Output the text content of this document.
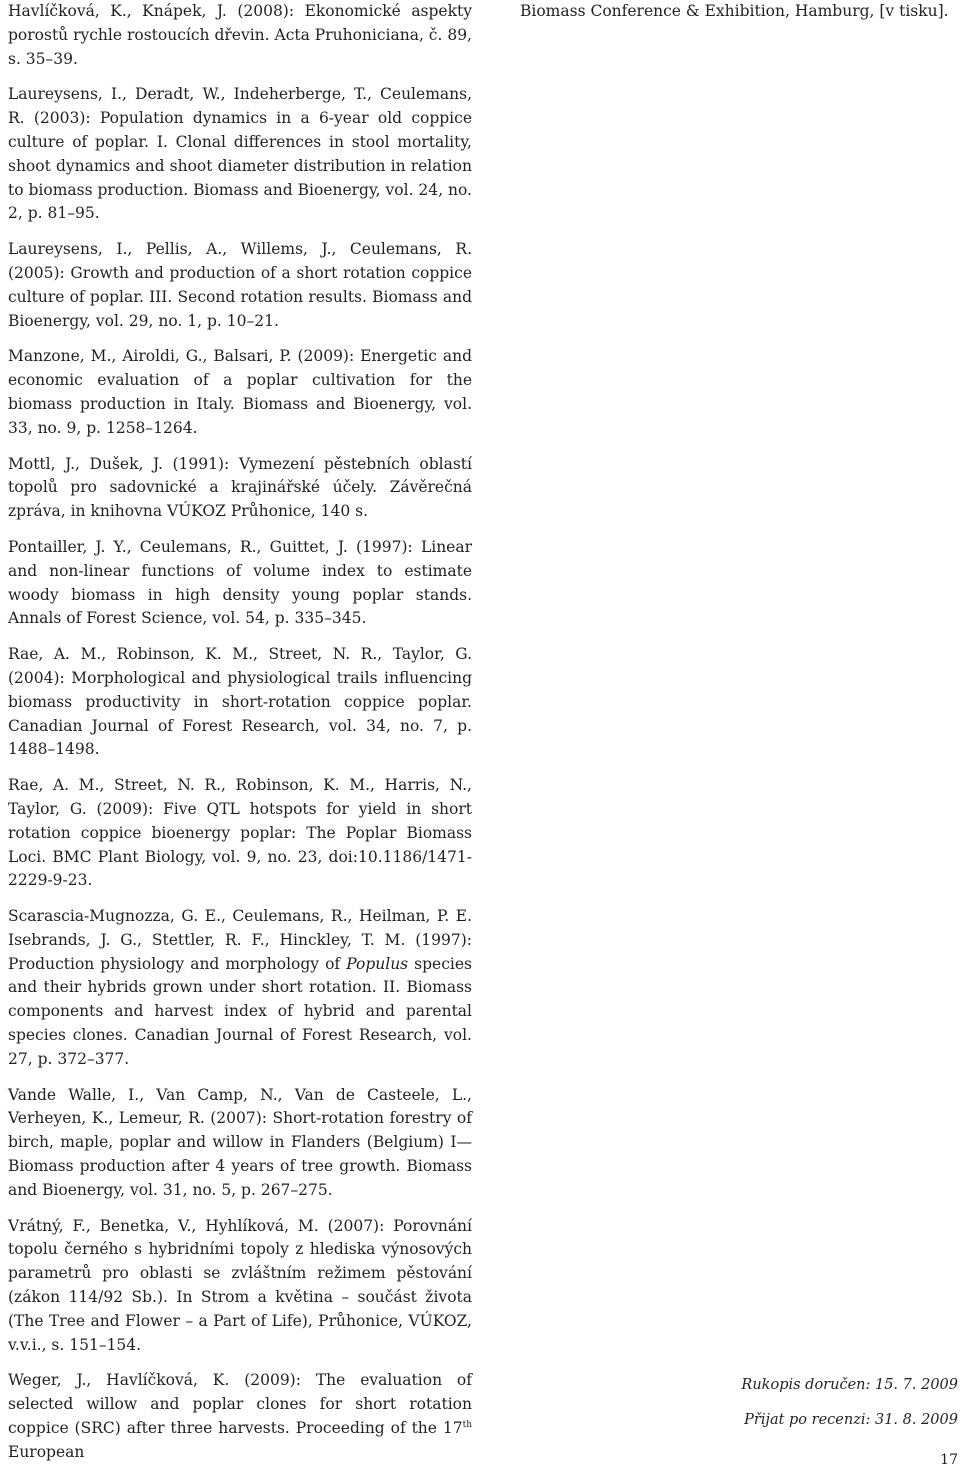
Havlíčková, K., Knápek, J. (2008): Ekonomické aspekty porostů rychle rostoucích dřevin. Acta Pruhoniciana, č. 89, s. 35–39.

Laureysens, I., Deradt, W., Indeherberge, T., Ceulemans, R. (2003): Population dynamics in a 6-year old coppice culture of poplar. I. Clonal differences in stool mortality, shoot dynamics and shoot diameter distribution in relation to biomass production. Biomass and Bioenergy, vol. 24, no. 2, p. 81–95.

Laureysens, I., Pellis, A., Willems, J., Ceulemans, R. (2005): Growth and production of a short rotation coppice culture of poplar. III. Second rotation results. Biomass and Bioenergy, vol. 29, no. 1, p. 10–21.

Manzone, M., Airoldi, G., Balsari, P. (2009): Energetic and economic evaluation of a poplar cultivation for the biomass production in Italy. Biomass and Bioenergy, vol. 33, no. 9, p. 1258–1264.

Mottl, J., Dušek, J. (1991): Vymezení pěstebních oblastí topolů pro sadovnické a krajinářské účely. Závěrečná zpráva, in knihovna VÚKOZ Průhonice, 140 s.

Pontailler, J. Y., Ceulemans, R., Guittet, J. (1997): Linear and non-linear functions of volume index to estimate woody biomass in high density young poplar stands. Annals of Forest Science, vol. 54, p. 335–345.

Rae, A. M., Robinson, K. M., Street, N. R., Taylor, G. (2004): Morphological and physiological trails influencing biomass productivity in short-rotation coppice poplar. Canadian Journal of Forest Research, vol. 34, no. 7, p. 1488–1498.

Rae, A. M., Street, N. R., Robinson, K. M., Harris, N., Taylor, G. (2009): Five QTL hotspots for yield in short rotation coppice bioenergy poplar: The Poplar Biomass Loci. BMC Plant Biology, vol. 9, no. 23, doi:10.1186/1471-2229-9-23.

Scarascia-Mugnozza, G. E., Ceulemans, R., Heilman, P. E. Isebrands, J. G., Stettler, R. F., Hinckley, T. M. (1997): Production physiology and morphology of Populus species and their hybrids grown under short rotation. II. Biomass components and harvest index of hybrid and parental species clones. Canadian Journal of Forest Research, vol. 27, p. 372–377.

Vande Walle, I., Van Camp, N., Van de Casteele, L., Verheyen, K., Lemeur, R. (2007): Short-rotation forestry of birch, maple, poplar and willow in Flanders (Belgium) I—Biomass production after 4 years of tree growth. Biomass and Bioenergy, vol. 31, no. 5, p. 267–275.

Vrátný, F., Benetka, V., Hyhlíková, M. (2007): Porovnání topolu černého s hybridními topoly z hlediska výnosových parametrů pro oblasti se zvláštním režimem pěstování (zákon 114/92 Sb.). In Strom a květina – součást života (The Tree and Flower – a Part of Life), Průhonice, VÚKOZ, v.v.i., s. 151–154.

Weger, J., Havlíčková, K. (2009): The evaluation of selected willow and poplar clones for short rotation coppice (SRC) after three harvests. Proceeding of the 17th European

Biomass Conference & Exhibition, Hamburg, [v tisku].
Rukopis doručen: 15. 7. 2009
Přijat po recenzi: 31. 8. 2009
17
